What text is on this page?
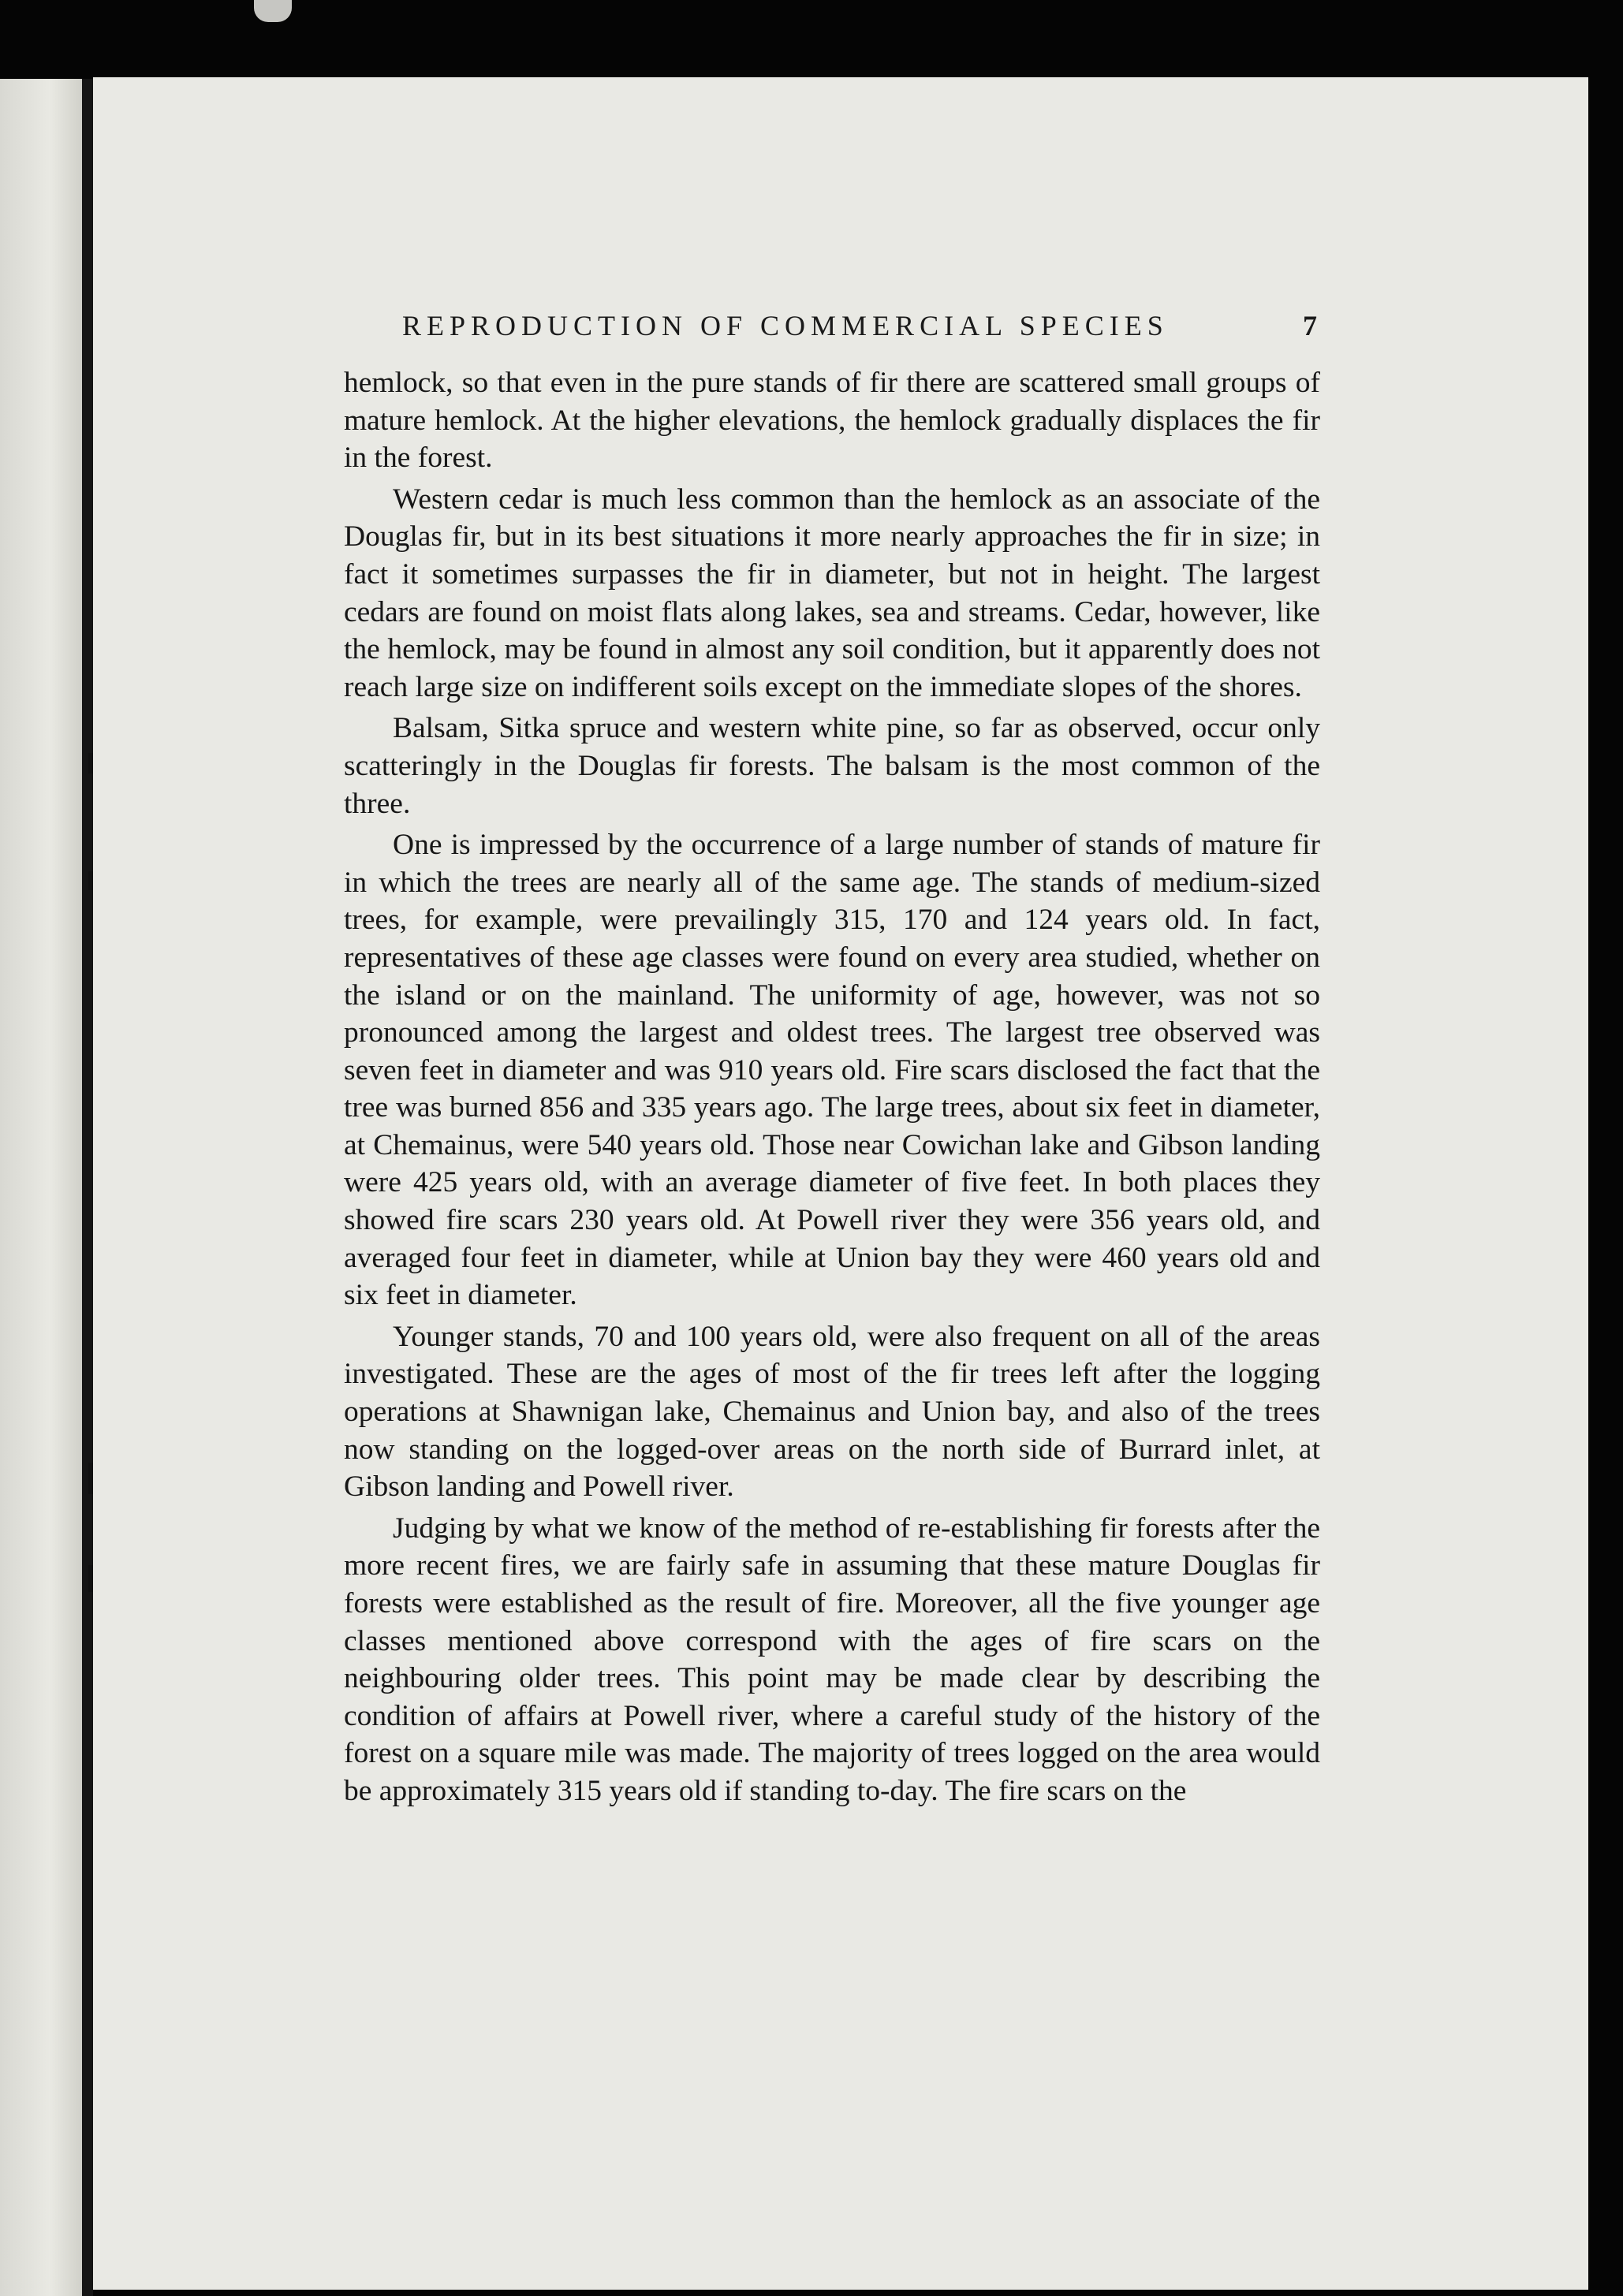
REPRODUCTION OF COMMERCIAL SPECIES	7

hemlock, so that even in the pure stands of fir there are scattered small groups of mature hemlock. At the higher elevations, the hemlock gradually displaces the fir in the forest.

Western cedar is much less common than the hemlock as an associate of the Douglas fir, but in its best situations it more nearly approaches the fir in size; in fact it sometimes surpasses the fir in diameter, but not in height. The largest cedars are found on moist flats along lakes, sea and streams. Cedar, however, like the hemlock, may be found in almost any soil condition, but it apparently does not reach large size on indifferent soils except on the immediate slopes of the shores.

Balsam, Sitka spruce and western white pine, so far as observed, occur only scatteringly in the Douglas fir forests. The balsam is the most common of the three.

One is impressed by the occurrence of a large number of stands of mature fir in which the trees are nearly all of the same age. The stands of medium-sized trees, for example, were prevailingly 315, 170 and 124 years old. In fact, representatives of these age classes were found on every area studied, whether on the island or on the mainland. The uniformity of age, however, was not so pronounced among the largest and oldest trees. The largest tree observed was seven feet in diameter and was 910 years old. Fire scars disclosed the fact that the tree was burned 856 and 335 years ago. The large trees, about six feet in diameter, at Chemainus, were 540 years old. Those near Cowichan lake and Gibson landing were 425 years old, with an average diameter of five feet. In both places they showed fire scars 230 years old. At Powell river they were 356 years old, and averaged four feet in diameter, while at Union bay they were 460 years old and six feet in diameter.

Younger stands, 70 and 100 years old, were also frequent on all of the areas investigated. These are the ages of most of the fir trees left after the logging operations at Shawnigan lake, Chemainus and Union bay, and also of the trees now standing on the logged-over areas on the north side of Burrard inlet, at Gibson landing and Powell river.

Judging by what we know of the method of re-establishing fir forests after the more recent fires, we are fairly safe in assuming that these mature Douglas fir forests were established as the result of fire. Moreover, all the five younger age classes mentioned above correspond with the ages of fire scars on the neighbouring older trees. This point may be made clear by describing the condition of affairs at Powell river, where a careful study of the history of the forest on a square mile was made. The majority of trees logged on the area would be approximately 315 years old if standing to-day. The fire scars on the
